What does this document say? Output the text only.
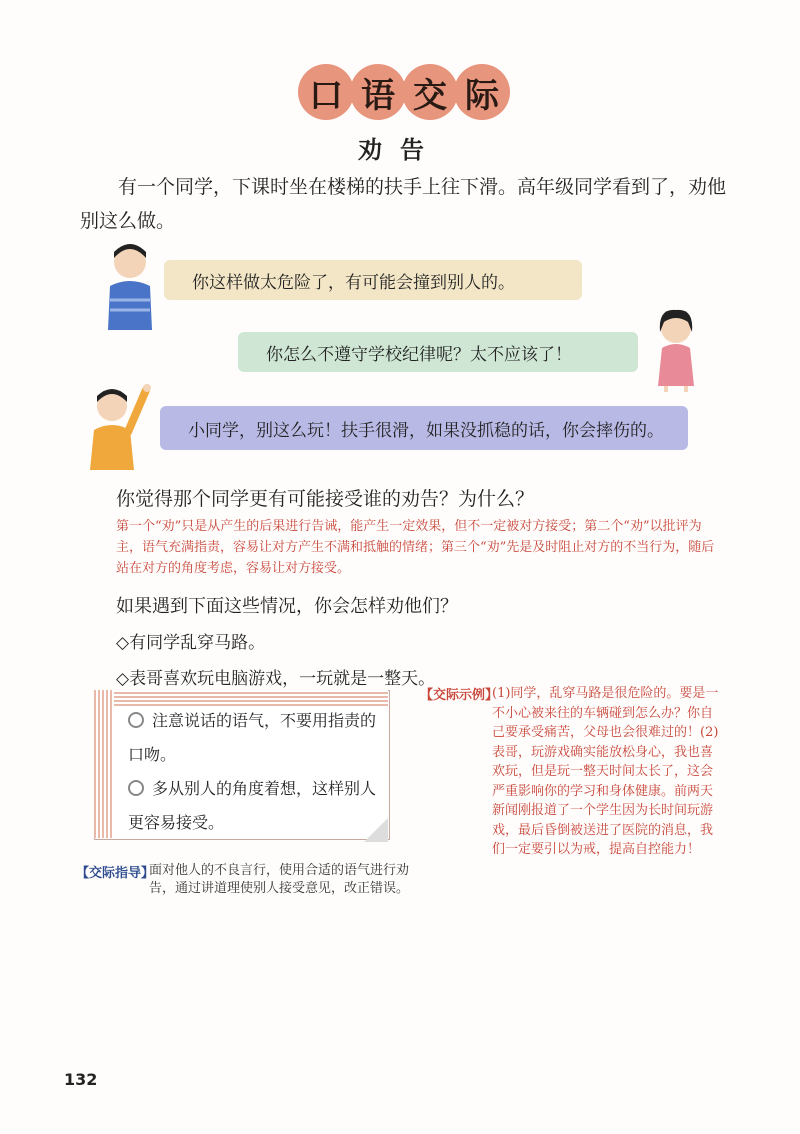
口 语 交 际
劝告
有一个同学，下课时坐在楼梯的扶手上往下滑。高年级同学看到了，劝他别这么做。
你这样做太危险了，有可能会撞到别人的。
你怎么不遵守学校纪律呢？太不应该了！
小同学，别这么玩！扶手很滑，如果没抓稳的话，你会摔伤的。
你觉得那个同学更有可能接受谁的劝告？为什么？
第一个“劝”只是从产生的后果进行告诫，能产生一定效果，但不一定被对方接受；第二个“劝”以批评为主，语气充满指责，容易让对方产生不满和抵触的情绪；第三个“劝”先是及时阻止对方的不当行为，随后站在对方的角度考虑，容易让对方接受。
如果遇到下面这些情况，你会怎样劝他们？
◇有同学乱穿马路。
◇表哥喜欢玩电脑游戏，一玩就是一整天。

注意说话的语气，不要用指责的口吻。

多从别人的角度着想，这样别人更容易接受。

【交际指导】
面对他人的不良言行，使用合适的语气进行劝告，通过讲道理使别人接受意见，改正错误。
【交际示例】
(1)同学，乱穿马路是很危险的。要是一不小心被来往的车辆碰到怎么办？你自己要承受痛苦，父母也会很难过的！(2)表哥，玩游戏确实能放松身心，我也喜欢玩，但是玩一整天时间太长了，这会严重影响你的学习和身体健康。前两天新闻刚报道了一个学生因为长时间玩游戏，最后昏倒被送进了医院的消息，我们一定要引以为戒，提高自控能力！
132
